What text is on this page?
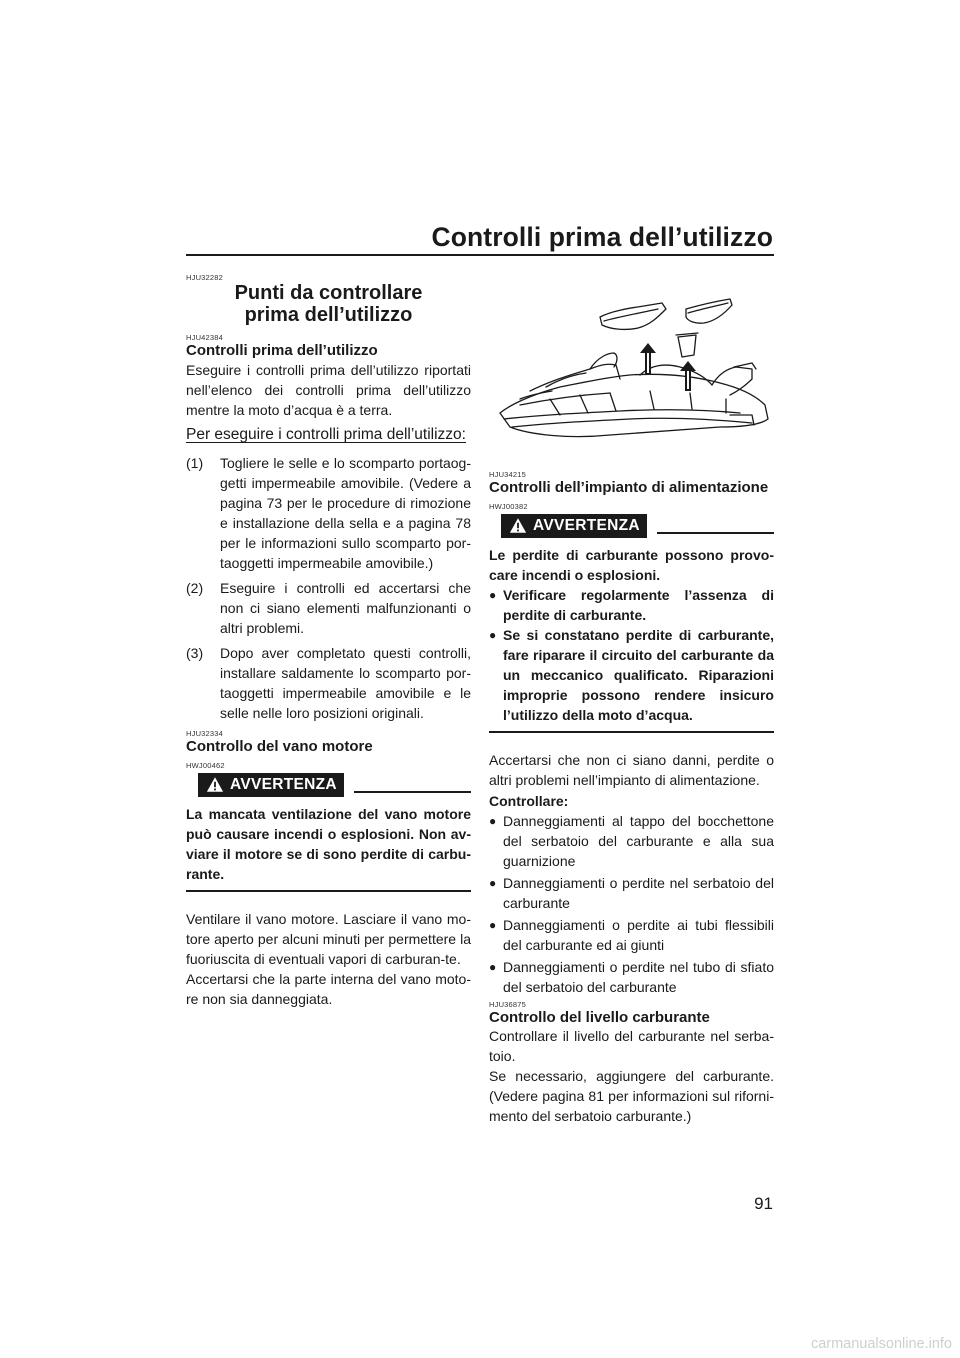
Controlli prima dell’utilizzo
HJU32282
Punti da controllare prima dell’utilizzo
HJU42384
Controlli prima dell’utilizzo

Eseguire i controlli prima dell’utilizzo riportati nell’elenco dei controlli prima dell’utilizzo mentre la moto d’acqua è a terra.

Per eseguire i controlli prima dell’utilizzo:
(1) Togliere le selle e lo scomparto portaog-getti impermeabile amovibile. (Vedere a pagina 73 per le procedure di rimozione e installazione della sella e a pagina 78 per le informazioni sullo scomparto por-taoggetti impermeabile amovibile.)
(2) Eseguire i controlli ed accertarsi che non ci siano elementi malfunzionanti o altri problemi.
(3) Dopo aver completato questi controlli, installare saldamente lo scomparto por-taoggetti impermeabile amovibile e le selle nelle loro posizioni originali.
HJU32334
Controllo del vano motore
HWJ00462
AVVERTENZA
La mancata ventilazione del vano motore può causare incendi o esplosioni. Non av-viare il motore se di sono perdite di carbu-rante.

Ventilare il vano motore. Lasciare il vano mo-tore aperto per alcuni minuti per permettere la fuoriuscita di eventuali vapori di carburan-te.

Accertarsi che la parte interna del vano moto-re non sia danneggiata.

HJU34215
Controlli dell’impianto di alimentazione
HWJ00382
AVVERTENZA
Le perdite di carburante possono provo-care incendi o esplosioni.
● Verificare regolarmente l’assenza di perdite di carburante.
● Se si constatano perdite di carburante, fare riparare il circuito del carburante da un meccanico qualificato. Riparazioni improprie possono rendere insicuro l’utilizzo della moto d’acqua.

Accertarsi che non ci siano danni, perdite o altri problemi nell’impianto di alimentazione.

Controllare:
● Danneggiamenti al tappo del bocchettone del serbatoio del carburante e alla sua guarnizione
● Danneggiamenti o perdite nel serbatoio del carburante
● Danneggiamenti o perdite ai tubi flessibili del carburante ed ai giunti
● Danneggiamenti o perdite nel tubo di sfiato del serbatoio del carburante
HJU36875
Controllo del livello carburante

Controllare il livello del carburante nel serba-toio.

Se necessario, aggiungere del carburante. (Vedere pagina 81 per informazioni sul riforni-mento del serbatoio carburante.)

91
carmanualsonline.info
